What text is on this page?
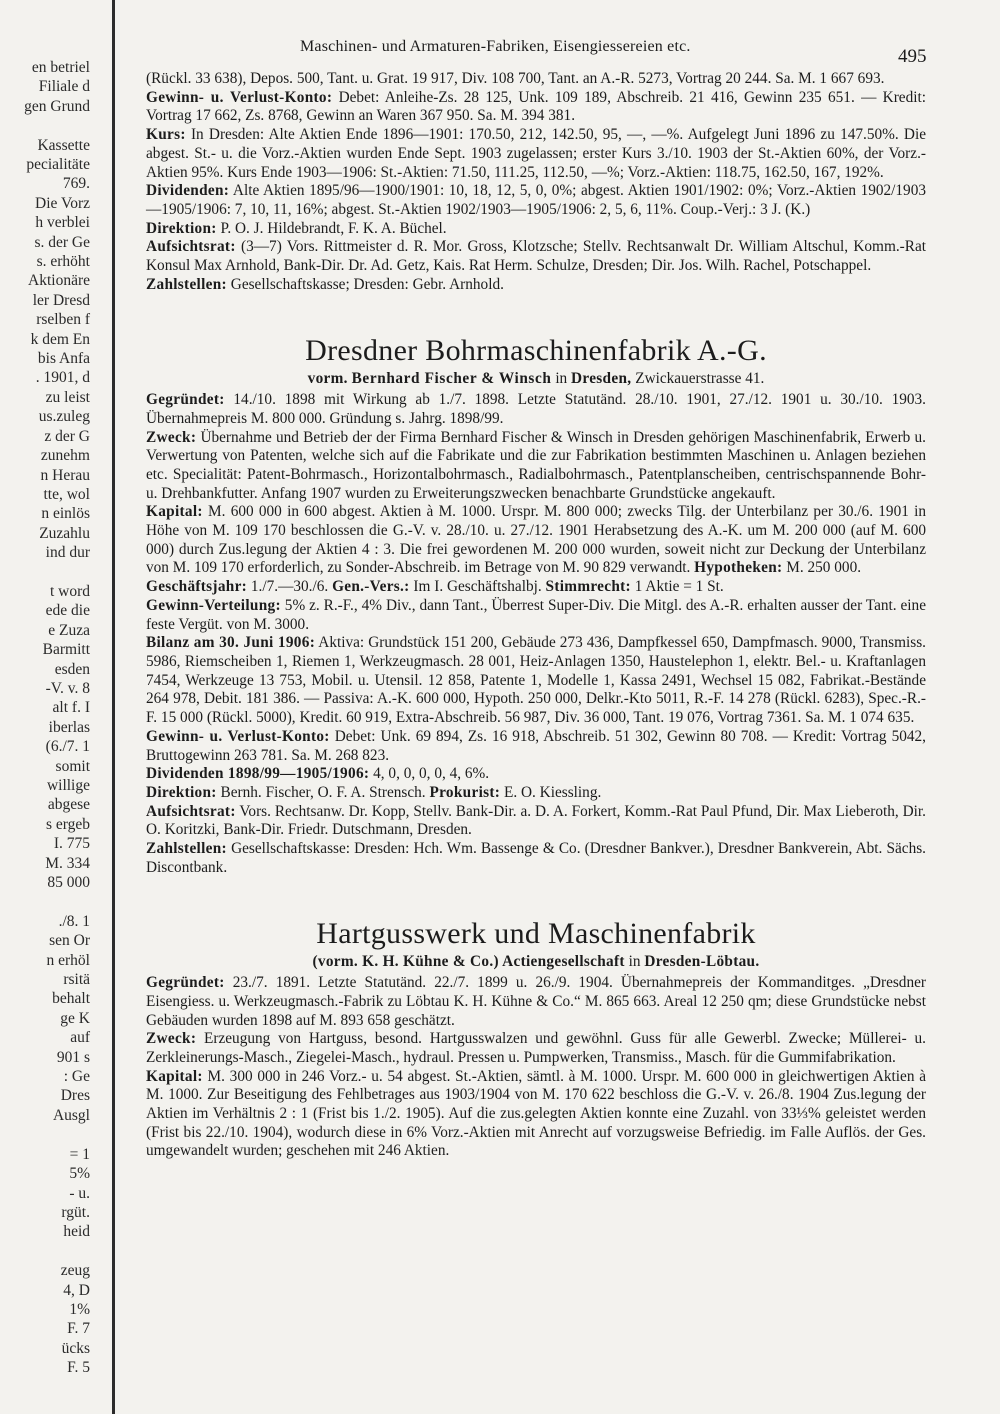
en betriel
Filiale d
gen Grund
Kassette
pecialitäte
769.
Die Vorz
h verblei
s. der Ge
s. erhöht
Aktionäre
ler Dresd
rselben f
k dem En
bis Anfa
. 1901, d
zu leist
us.zuleg
z der G
zunehm
n Herau
tte, wol
n einlös
Zuzahlu
ind dur
t word
ede die
e Zuza
Barmitt
esden
-V. v. 8
alt f. I
iberlas
(6./7. 1
somit
willige
abgese
s ergeb
I. 775
M. 334
85 000
./8. 1
sen Or
n erhöl
rsitä
behalt
ge K
auf
901 s
: Ge
Dres
Ausgl
= 1
5%
- u.
rgüt.
heid
zeug
4, D
1%
F. 7
ücks
F. 5
Maschinen- und Armaturen-Fabriken, Eisengiessereien etc.	495

(Rückl. 33 638), Depos. 500, Tant. u. Grat. 19 917, Div. 108 700, Tant. an A.-R. 5273, Vortrag 20 244. Sa. M. 1 667 693.

Gewinn- u. Verlust-Konto: Debet: Anleihe-Zs. 28 125, Unk. 109 189, Abschreib. 21 416, Gewinn 235 651. — Kredit: Vortrag 17 662, Zs. 8768, Gewinn an Waren 367 950. Sa. M. 394 381.

Kurs: In Dresden: Alte Aktien Ende 1896—1901: 170.50, 212, 142.50, 95, —, —%. Aufgelegt Juni 1896 zu 147.50%. Die abgest. St.- u. die Vorz.-Aktien wurden Ende Sept. 1903 zugelassen; erster Kurs 3./10. 1903 der St.-Aktien 60%, der Vorz.-Aktien 95%. Kurs Ende 1903—1906: St.-Aktien: 71.50, 111.25, 112.50, —%; Vorz.-Aktien: 118.75, 162.50, 167, 192%.

Dividenden: Alte Aktien 1895/96—1900/1901: 10, 18, 12, 5, 0, 0%; abgest. Aktien 1901/1902: 0%; Vorz.-Aktien 1902/1903—1905/1906: 7, 10, 11, 16%; abgest. St.-Aktien 1902/1903—1905/1906: 2, 5, 6, 11%. Coup.-Verj.: 3 J. (K.)

Direktion: P. O. J. Hildebrandt, F. K. A. Büchel.

Aufsichtsrat: (3—7) Vors. Rittmeister d. R. Mor. Gross, Klotzsche; Stellv. Rechtsanwalt Dr. William Altschul, Komm.-Rat Konsul Max Arnhold, Bank-Dir. Dr. Ad. Getz, Kais. Rat Herm. Schulze, Dresden; Dir. Jos. Wilh. Rachel, Potschappel.

Zahlstellen: Gesellschaftskasse; Dresden: Gebr. Arnhold.

Dresdner Bohrmaschinenfabrik A.-G.

vorm. Bernhard Fischer & Winsch in Dresden, Zwickauerstrasse 41.

Gegründet: 14./10. 1898 mit Wirkung ab 1./7. 1898. Letzte Statutänd. 28./10. 1901, 27./12. 1901 u. 30./10. 1903. Übernahmepreis M. 800 000. Gründung s. Jahrg. 1898/99.

Zweck: Übernahme und Betrieb der der Firma Bernhard Fischer & Winsch in Dresden gehörigen Maschinenfabrik, Erwerb u. Verwertung von Patenten, welche sich auf die Fabrikate und die zur Fabrikation bestimmten Maschinen u. Anlagen beziehen etc. Specialität: Patent-Bohrmasch., Horizontalbohrmasch., Radialbohrmasch., Patentplanscheiben, centrischspannende Bohr- u. Drehbankfutter. Anfang 1907 wurden zu Erweiterungszwecken benachbarte Grundstücke angekauft.

Kapital: M. 600 000 in 600 abgest. Aktien à M. 1000. Urspr. M. 800 000; zwecks Tilg. der Unterbilanz per 30./6. 1901 in Höhe von M. 109 170 beschlossen die G.-V. v. 28./10. u. 27./12. 1901 Herabsetzung des A.-K. um M. 200 000 (auf M. 600 000) durch Zus.legung der Aktien 4 : 3. Die frei gewordenen M. 200 000 wurden, soweit nicht zur Deckung der Unterbilanz von M. 109 170 erforderlich, zu Sonder-Abschreib. im Betrage von M. 90 829 verwandt. Hypotheken: M. 250 000.

Geschäftsjahr: 1./7.—30./6. Gen.-Vers.: Im I. Geschäftshalbj. Stimmrecht: 1 Aktie = 1 St.

Gewinn-Verteilung: 5% z. R.-F., 4% Div., dann Tant., Überrest Super-Div. Die Mitgl. des A.-R. erhalten ausser der Tant. eine feste Vergüt. von M. 3000.

Bilanz am 30. Juni 1906: Aktiva: Grundstück 151 200, Gebäude 273 436, Dampfkessel 650, Dampfmasch. 9000, Transmiss. 5986, Riemscheiben 1, Riemen 1, Werkzeugmasch. 28 001, Heiz-Anlagen 1350, Haustelephon 1, elektr. Bel.- u. Kraftanlagen 7454, Werkzeuge 13 753, Mobil. u. Utensil. 12 858, Patente 1, Modelle 1, Kassa 2491, Wechsel 15 082, Fabrikat.-Bestände 264 978, Debit. 181 386. — Passiva: A.-K. 600 000, Hypoth. 250 000, Delkr.-Kto 5011, R.-F. 14 278 (Rückl. 6283), Spec.-R.-F. 15 000 (Rückl. 5000), Kredit. 60 919, Extra-Abschreib. 56 987, Div. 36 000, Tant. 19 076, Vortrag 7361. Sa. M. 1 074 635.

Gewinn- u. Verlust-Konto: Debet: Unk. 69 894, Zs. 16 918, Abschreib. 51 302, Gewinn 80 708. — Kredit: Vortrag 5042, Bruttogewinn 263 781. Sa. M. 268 823.

Dividenden 1898/99—1905/1906: 4, 0, 0, 0, 0, 4, 6%.

Direktion: Bernh. Fischer, O. F. A. Strensch. Prokurist: E. O. Kiessling.

Aufsichtsrat: Vors. Rechtsanw. Dr. Kopp, Stellv. Bank-Dir. a. D. A. Forkert, Komm.-Rat Paul Pfund, Dir. Max Lieberoth, Dir. O. Koritzki, Bank-Dir. Friedr. Dutschmann, Dresden.

Zahlstellen: Gesellschaftskasse: Dresden: Hch. Wm. Bassenge & Co. (Dresdner Bankver.), Dresdner Bankverein, Abt. Sächs. Discontbank.

Hartgusswerk und Maschinenfabrik

(vorm. K. H. Kühne & Co.) Actiengesellschaft in Dresden-Löbtau.

Gegründet: 23./7. 1891. Letzte Statutänd. 22./7. 1899 u. 26./9. 1904. Übernahmepreis der Kommanditges. „Dresdner Eisengiess. u. Werkzeugmasch.-Fabrik zu Löbtau K. H. Kühne & Co.“ M. 865 663. Areal 12 250 qm; diese Grundstücke nebst Gebäuden wurden 1898 auf M. 893 658 geschätzt.

Zweck: Erzeugung von Hartguss, besond. Hartgusswalzen und gewöhnl. Guss für alle Gewerbl. Zwecke; Müllerei- u. Zerkleinerungs-Masch., Ziegelei-Masch., hydraul. Pressen u. Pumpwerken, Transmiss., Masch. für die Gummifabrikation.

Kapital: M. 300 000 in 246 Vorz.- u. 54 abgest. St.-Aktien, sämtl. à M. 1000. Urspr. M. 600 000 in gleichwertigen Aktien à M. 1000. Zur Beseitigung des Fehlbetrages aus 1903/1904 von M. 170 622 beschloss die G.-V. v. 26./8. 1904 Zus.legung der Aktien im Verhältnis 2 : 1 (Frist bis 1./2. 1905). Auf die zus.gelegten Aktien konnte eine Zuzahl. von 33⅓% geleistet werden (Frist bis 22./10. 1904), wodurch diese in 6% Vorz.-Aktien mit Anrecht auf vorzugsweise Befriedig. im Falle Auflös. der Ges. umgewandelt wurden; geschehen mit 246 Aktien.
